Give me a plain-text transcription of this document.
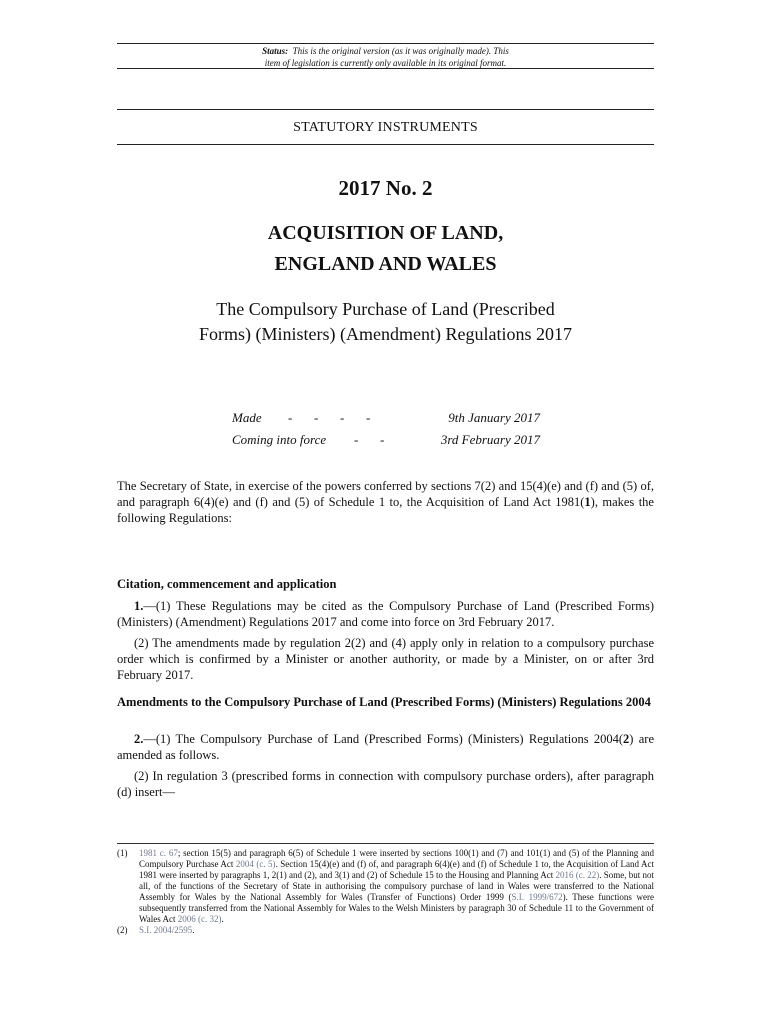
Status: This is the original version (as it was originally made). This
item of legislation is currently only available in its original format.
STATUTORY INSTRUMENTS
2017 No. 2
ACQUISITION OF LAND,
ENGLAND AND WALES
The Compulsory Purchase of Land (Prescribed
Forms) (Ministers) (Amendment) Regulations 2017
Made - - - -	9th January 2017
Coming into force - -	3rd February 2017

The Secretary of State, in exercise of the powers conferred by sections 7(2) and 15(4)(e) and (f) and (5) of, and paragraph 6(4)(e) and (f) and (5) of Schedule 1 to, the Acquisition of Land Act 1981(1), makes the following Regulations:

Citation, commencement and application

1.—(1) These Regulations may be cited as the Compulsory Purchase of Land (Prescribed Forms) (Ministers) (Amendment) Regulations 2017 and come into force on 3rd February 2017.

(2) The amendments made by regulation 2(2) and (4) apply only in relation to a compulsory purchase order which is confirmed by a Minister or another authority, or made by a Minister, on or after 3rd February 2017.

Amendments to the Compulsory Purchase of Land (Prescribed Forms) (Ministers) Regulations 2004

2.—(1) The Compulsory Purchase of Land (Prescribed Forms) (Ministers) Regulations 2004(2) are amended as follows.

(2) In regulation 3 (prescribed forms in connection with compulsory purchase orders), after paragraph (d) insert—

(1) 1981 c. 67; section 15(5) and paragraph 6(5) of Schedule 1 were inserted by sections 100(1) and (7) and 101(1) and (5) of the Planning and Compulsory Purchase Act 2004 (c. 5). Section 15(4)(e) and (f) of, and paragraph 6(4)(e) and (f) of Schedule 1 to, the Acquisition of Land Act 1981 were inserted by paragraphs 1, 2(1) and (2), and 3(1) and (2) of Schedule 15 to the Housing and Planning Act 2016 (c. 22). Some, but not all, of the functions of the Secretary of State in authorising the compulsory purchase of land in Wales were transferred to the National Assembly for Wales by the National Assembly for Wales (Transfer of Functions) Order 1999 (S.I. 1999/672). These functions were subsequently transferred from the National Assembly for Wales to the Welsh Ministers by paragraph 30 of Schedule 11 to the Government of Wales Act 2006 (c. 32).
(2) S.I. 2004/2595.
